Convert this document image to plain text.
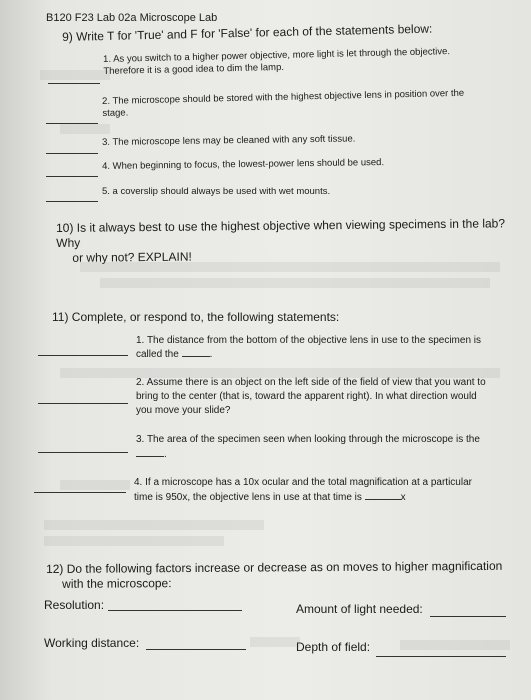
B120 F23 Lab 02a Microscope Lab
9) Write T for 'True' and F for 'False' for each of the statements below:
1. As you switch to a higher power objective, more light is let through the objective.
Therefore it is a good idea to dim the lamp.
2. The microscope should be stored with the highest objective lens in position over the
stage.
3. The microscope lens may be cleaned with any soft tissue.
4. When beginning to focus, the lowest-power lens should be used.
5. a coverslip should always be used with wet mounts.
10) Is it always best to use the highest objective when viewing specimens in the lab? Why
or why not? EXPLAIN!
11) Complete, or respond to, the following statements:
1. The distance from the bottom of the objective lens in use to the specimen is
called the	.
2. Assume there is an object on the left side of the field of view that you want to
bring to the center (that is, toward the apparent right). In what direction would
you move your slide?
3. The area of the specimen seen when looking through the microscope is the
.
4. If a microscope has a 10x ocular and the total magnification at a particular
time is 950x, the objective lens in use at that time is	x
12) Do the following factors increase or decrease as on moves to higher magnification
with the microscope:
Resolution:	Amount of light needed:
Working distance:	Depth of field:
